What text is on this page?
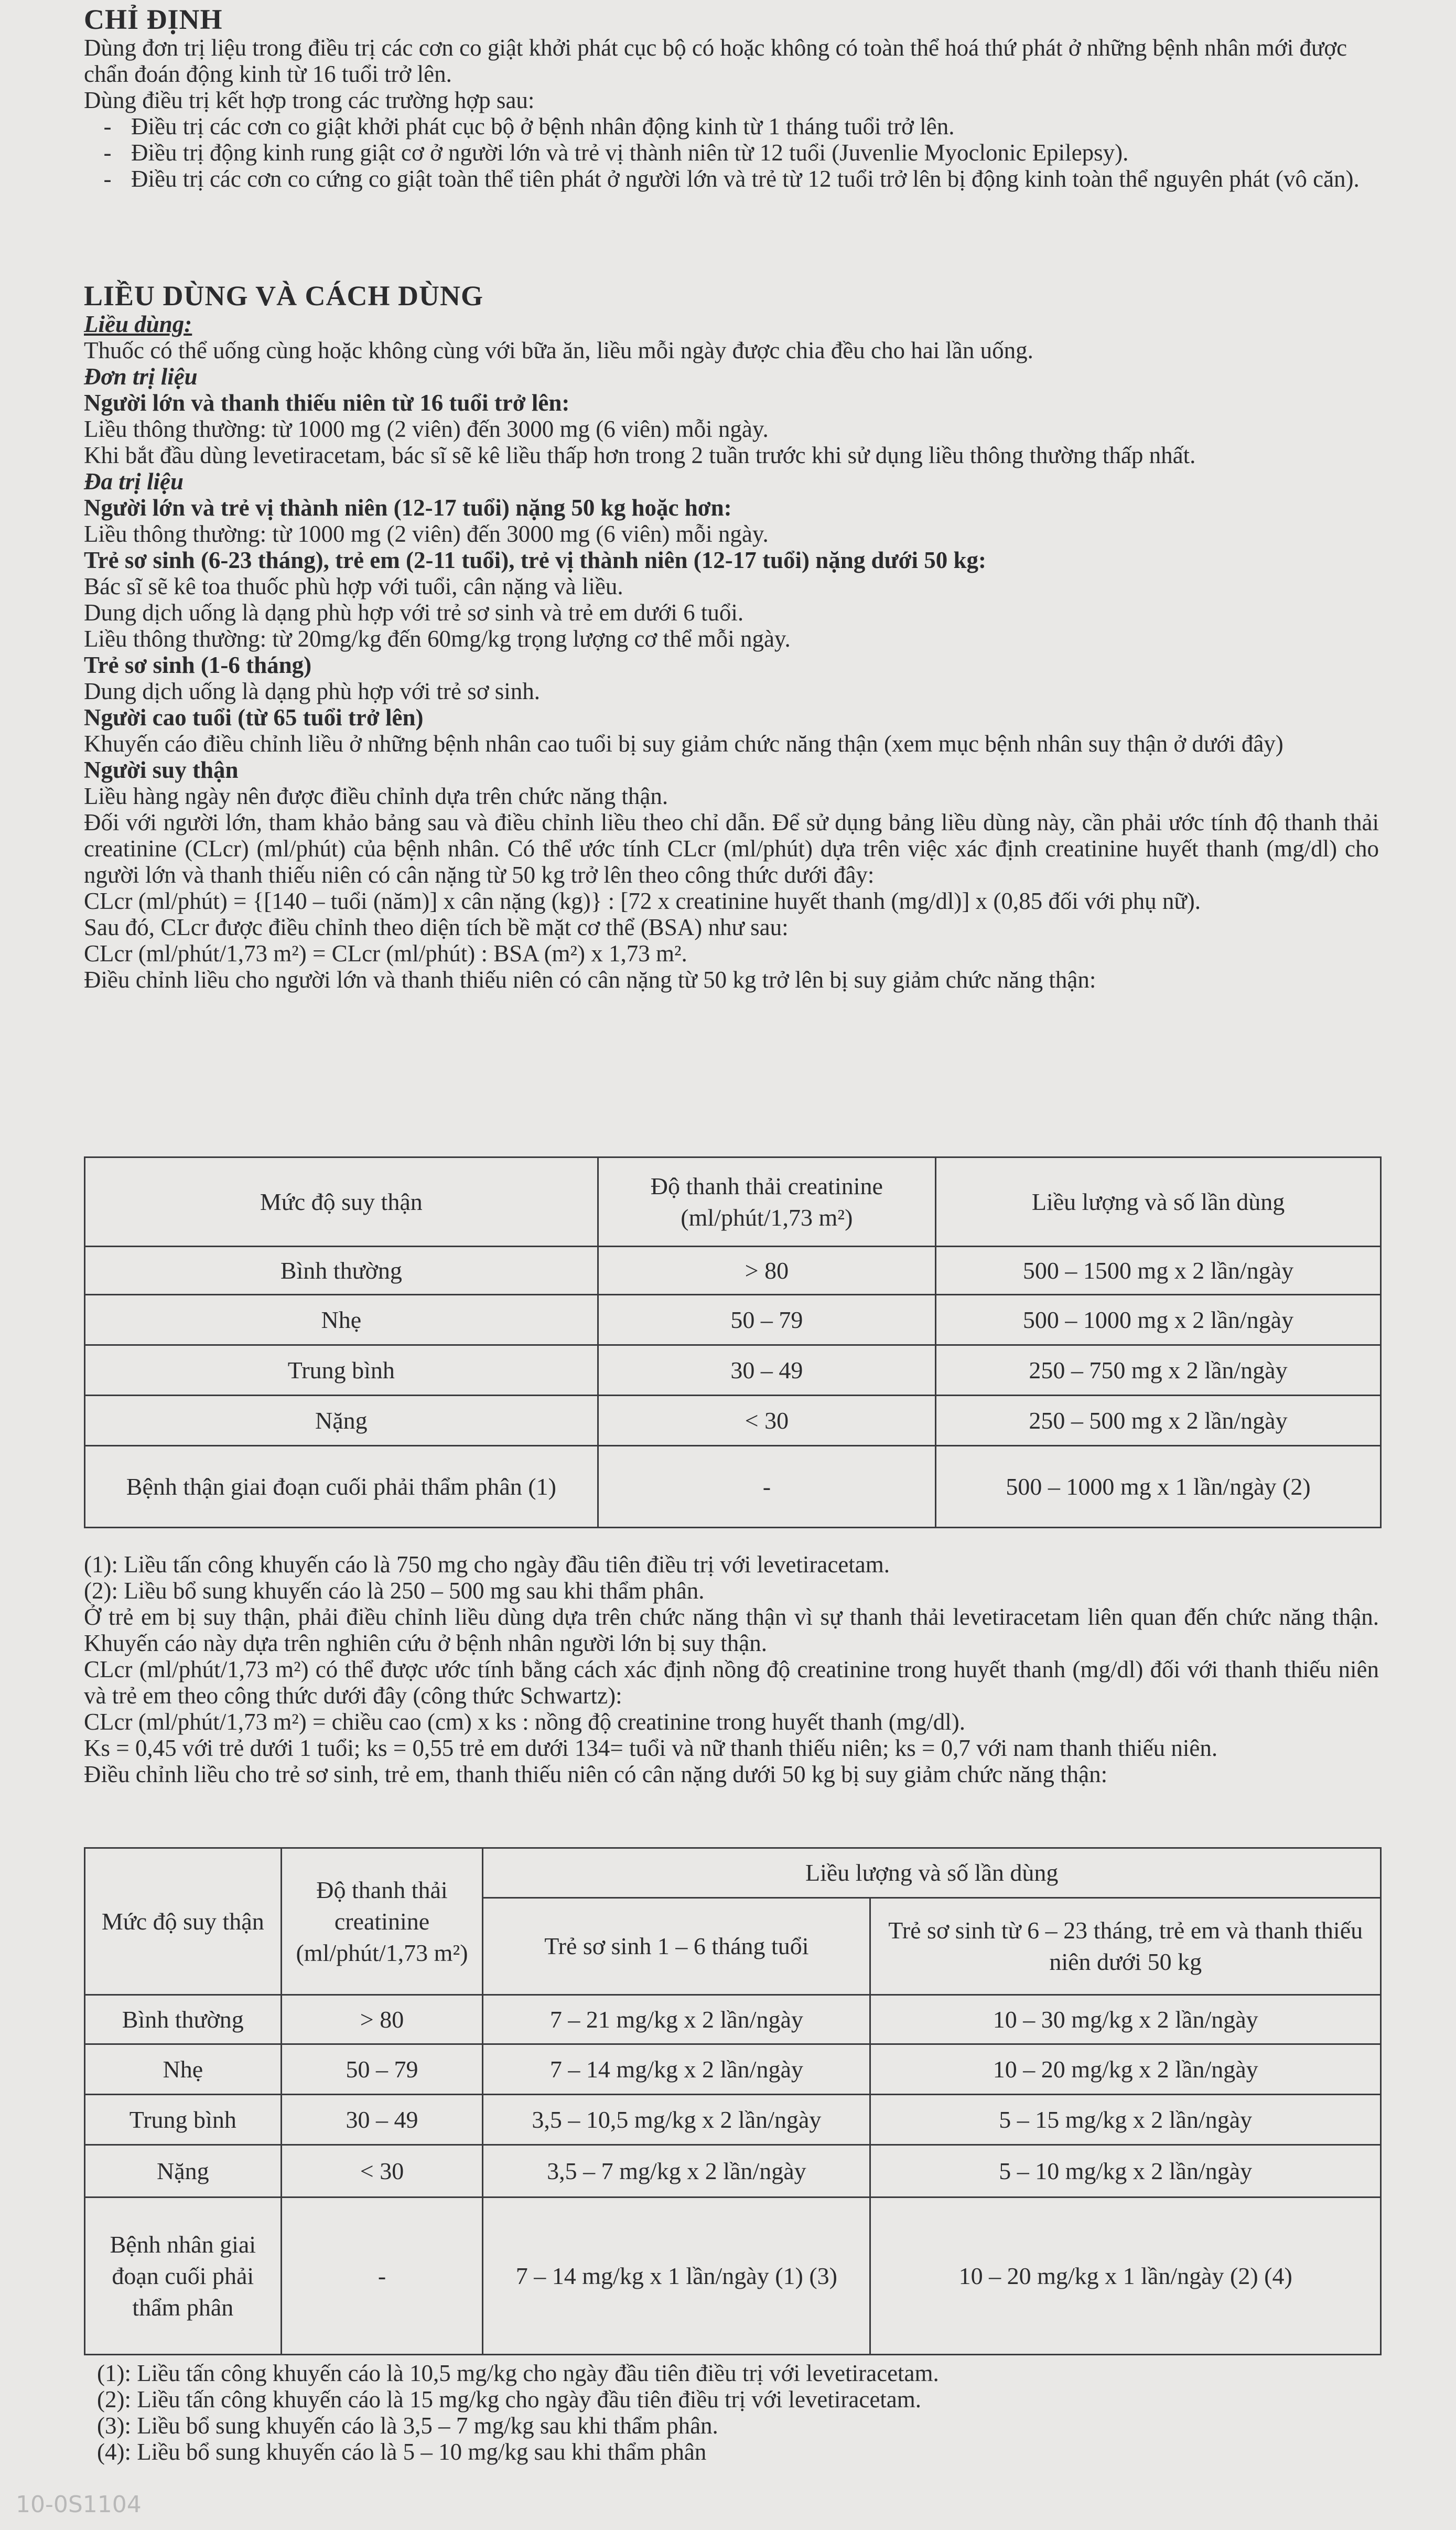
CHỈ ĐỊNH

Dùng đơn trị liệu trong điều trị các cơn co giật khởi phát cục bộ có hoặc không có toàn thể hoá thứ phát ở những bệnh nhân mới được chẩn đoán động kinh từ 16 tuổi trở lên.

Dùng điều trị kết hợp trong các trường hợp sau:

- Điều trị các cơn co giật khởi phát cục bộ ở bệnh nhân động kinh từ 1 tháng tuổi trở lên.

- Điều trị động kinh rung giật cơ ở người lớn và trẻ vị thành niên từ 12 tuổi (Juvenlie Myoclonic Epilepsy).

- Điều trị các cơn co cứng co giật toàn thể tiên phát ở người lớn và trẻ từ 12 tuổi trở lên bị động kinh toàn thể nguyên phát (vô căn).

LIỀU DÙNG VÀ CÁCH DÙNG

Liều dùng:

Thuốc có thể uống cùng hoặc không cùng với bữa ăn, liều mỗi ngày được chia đều cho hai lần uống.

Đơn trị liệu

Người lớn và thanh thiếu niên từ 16 tuổi trở lên:

Liều thông thường: từ 1000 mg (2 viên) đến 3000 mg (6 viên) mỗi ngày.

Khi bắt đầu dùng levetiracetam, bác sĩ sẽ kê liều thấp hơn trong 2 tuần trước khi sử dụng liều thông thường thấp nhất.

Đa trị liệu

Người lớn và trẻ vị thành niên (12-17 tuổi) nặng 50 kg hoặc hơn:

Liều thông thường: từ 1000 mg (2 viên) đến 3000 mg (6 viên) mỗi ngày.

Trẻ sơ sinh (6-23 tháng), trẻ em (2-11 tuổi), trẻ vị thành niên (12-17 tuổi) nặng dưới 50 kg:

Bác sĩ sẽ kê toa thuốc phù hợp với tuổi, cân nặng và liều.

Dung dịch uống là dạng phù hợp với trẻ sơ sinh và trẻ em dưới 6 tuổi.

Liều thông thường: từ 20mg/kg đến 60mg/kg trọng lượng cơ thể mỗi ngày.

Trẻ sơ sinh (1-6 tháng)

Dung dịch uống là dạng phù hợp với trẻ sơ sinh.

Người cao tuổi (từ 65 tuổi trở lên)

Khuyến cáo điều chỉnh liều ở những bệnh nhân cao tuổi bị suy giảm chức năng thận (xem mục bệnh nhân suy thận ở dưới đây)

Người suy thận

Liều hàng ngày nên được điều chỉnh dựa trên chức năng thận.

Đối với người lớn, tham khảo bảng sau và điều chỉnh liều theo chỉ dẫn. Để sử dụng bảng liều dùng này, cần phải ước tính độ thanh thải creatinine (CLcr) (ml/phút) của bệnh nhân. Có thể ước tính CLcr (ml/phút) dựa trên việc xác định creatinine huyết thanh (mg/dl) cho người lớn và thanh thiếu niên có cân nặng từ 50 kg trở lên theo công thức dưới đây:

CLcr (ml/phút) = {[140 – tuổi (năm)] x cân nặng (kg)} : [72 x creatinine huyết thanh (mg/dl)] x (0,85 đối với phụ nữ).

Sau đó, CLcr được điều chỉnh theo diện tích bề mặt cơ thể (BSA) như sau:

CLcr (ml/phút/1,73 m²) = CLcr (ml/phút) : BSA (m²) x 1,73 m².

Điều chỉnh liều cho người lớn và thanh thiếu niên có cân nặng từ 50 kg trở lên bị suy giảm chức năng thận:

Mức độ suy thận	Độ thanh thải creatinine (ml/phút/1,73 m²)	Liều lượng và số lần dùng
Bình thường	> 80	500 – 1500 mg x 2 lần/ngày
Nhẹ	50 – 79	500 – 1000 mg x 2 lần/ngày
Trung bình	30 – 49	250 – 750 mg x 2 lần/ngày
Nặng	< 30	250 – 500 mg x 2 lần/ngày
Bệnh thận giai đoạn cuối phải thẩm phân (1)	-	500 – 1000 mg x 1 lần/ngày (2)

(1): Liều tấn công khuyến cáo là 750 mg cho ngày đầu tiên điều trị với levetiracetam.

(2): Liều bổ sung khuyến cáo là 250 – 500 mg sau khi thẩm phân.

Ở trẻ em bị suy thận, phải điều chỉnh liều dùng dựa trên chức năng thận vì sự thanh thải levetiracetam liên quan đến chức năng thận. Khuyến cáo này dựa trên nghiên cứu ở bệnh nhân người lớn bị suy thận.

CLcr (ml/phút/1,73 m²) có thể được ước tính bằng cách xác định nồng độ creatinine trong huyết thanh (mg/dl) đối với thanh thiếu niên và trẻ em theo công thức dưới đây (công thức Schwartz):

CLcr (ml/phút/1,73 m²) = chiều cao (cm) x ks : nồng độ creatinine trong huyết thanh (mg/dl).

Ks = 0,45 với trẻ dưới 1 tuổi; ks = 0,55 trẻ em dưới 134= tuổi và nữ thanh thiếu niên; ks = 0,7 với nam thanh thiếu niên.

Điều chỉnh liều cho trẻ sơ sinh, trẻ em, thanh thiếu niên có cân nặng dưới 50 kg bị suy giảm chức năng thận:

Mức độ suy thận	Độ thanh thải creatinine (ml/phút/1,73 m²)	Liều lượng và số lần dùng	
		Trẻ sơ sinh 1 – 6 tháng tuổi	Trẻ sơ sinh từ 6 – 23 tháng, trẻ em và thanh thiếu niên dưới 50 kg
Bình thường	> 80	7 – 21 mg/kg x 2 lần/ngày	10 – 30 mg/kg x 2 lần/ngày
Nhẹ	50 – 79	7 – 14 mg/kg x 2 lần/ngày	10 – 20 mg/kg x 2 lần/ngày
Trung bình	30 – 49	3,5 – 10,5 mg/kg x 2 lần/ngày	5 – 15 mg/kg x 2 lần/ngày
Nặng	< 30	3,5 – 7 mg/kg x 2 lần/ngày	5 – 10 mg/kg x 2 lần/ngày
Bệnh nhân giai đoạn cuối phải thẩm phân	-	7 – 14 mg/kg x 1 lần/ngày (1) (3)	10 – 20 mg/kg x 1 lần/ngày (2) (4)

(1): Liều tấn công khuyến cáo là 10,5 mg/kg cho ngày đầu tiên điều trị với levetiracetam.

(2): Liều tấn công khuyến cáo là 15 mg/kg cho ngày đầu tiên điều trị với levetiracetam.

(3): Liều bổ sung khuyến cáo là 3,5 – 7 mg/kg sau khi thẩm phân.

(4): Liều bổ sung khuyến cáo là 5 – 10 mg/kg sau khi thẩm phân

10-0S1104
